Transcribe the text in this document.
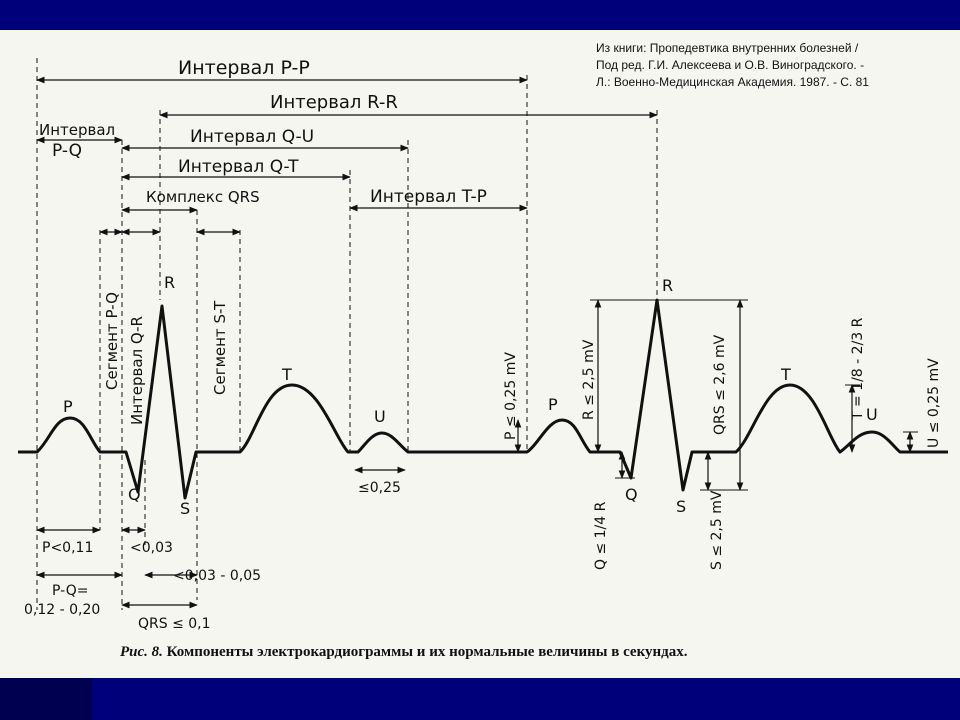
Из книги: Пропедевтика внутренних болезней /
Под ред. Г.И. Алексеева и О.В. Виноградского. -
Л.: Военно-Медицинская Академия. 1987. - С. 81
Интервал P-P
Интервал R-R
Интервал
P-Q
Интервал Q-U
Интервал Q-T
Комплекс QRS	Интервал T-P
Сегмент P-Q Интервал Q-R	Сегмент S-T
P
Q
R
S
T
U
P
Q
R
S
T
U
P<0,11	<0,03
<0,03 - 0,05
P-Q=
0,12 - 0,20
QRS ≤ 0,1
≤0,25
P ≤ 0,25 mV	R ≤ 2,5 mV
Q ≤ 1/4 R
QRS ≤ 2,6 mV
S ≤ 2,5 mV
T = 1/8 - 2/3 R	U ≤ 0,25 mV
Рис. 8. Компоненты электрокардиограммы и их нормальные величины в секундах.
